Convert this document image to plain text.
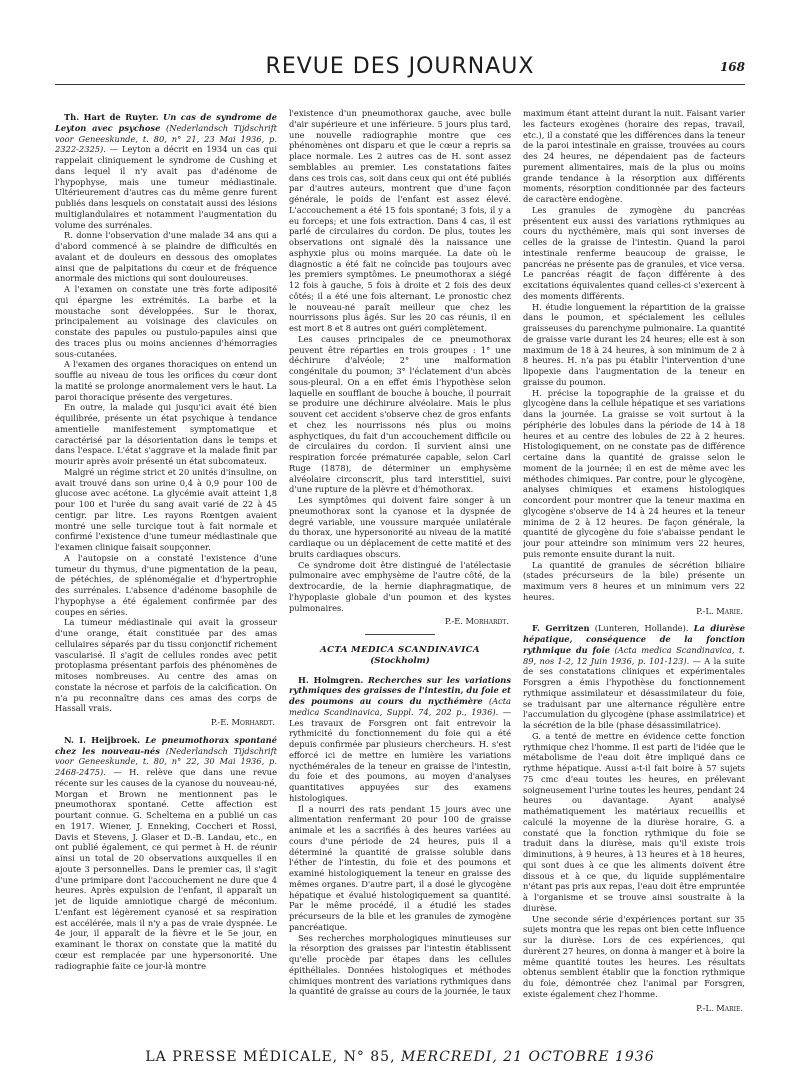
REVUE DES JOURNAUX	168

Th. Hart de Ruyter. Un cas de syndrome de Leyton avec psychose (Nederlandsch Tijdschrift voor Geneeskunde, t. 80, n° 21, 23 Mai 1936, p. 2322-2325). — Leyton a décrit en 1934 un cas qui rappelait cliniquement le syndrome de Cushing et dans lequel il n'y avait pas d'adénome de l'hypophyse, mais une tumeur médiastinale. Ultérieurement d'autres cas du même genre furent publiés dans lesquels on constatait aussi des lésions multiglandulaires et notamment l'augmentation du volume des surrénales.

R. donne l'observation d'une malade 34 ans qui a d'abord commencé à se plaindre de difficultés en avalant et de douleurs en dessous des omoplates ainsi que de palpitations du cœur et de fréquence anormale des mictions qui sont douloureuses.

A l'examen on constate une très forte adiposité qui épargne les extrémités. La barbe et la moustache sont développées. Sur le thorax, principalement au voisinage des clavicules on constate des papules ou pustulo-papules ainsi que des traces plus ou moins anciennes d'hémorragies sous-cutanées.

A l'examen des organes thoraciques on entend un souffle au niveau de tous les orifices du cœur dont la matité se prolonge anormalement vers le haut. La paroi thoracique présente des vergetures.

En outre, la malade qui jusqu'ici avait été bien équilibrée, présente un état psychique à tendance amentielle manifestement symptomatique et caractérisé par la désorientation dans le temps et dans l'espace. L'état s'aggrave et la malade finit par mourir après avoir présenté un état subcomateux.

Malgré un régime strict et 20 unités d'insuline, on avait trouvé dans son urine 0,4 à 0,9 pour 100 de glucose avec acétone. La glycémie avait atteint 1,8 pour 100 et l'urée du sang avait varié de 22 à 45 centigr. par litre. Les rayons Rœntgen avaient montré une selle turcique tout à fait normale et confirmé l'existence d'une tumeur médiastinale que l'examen clinique faisait soupçonner.

A l'autopsie on a constaté l'existence d'une tumeur du thymus, d'une pigmentation de la peau, de pétéchies, de splénomégalie et d'hypertrophie des surrénales. L'absence d'adénome basophile de l'hypophyse a été également confirmée par des coupes en séries.

La tumeur médiastinale qui avait la grosseur d'une orange, était constituée par des amas cellulaires séparés par du tissu conjonctif richement vascularisé. Il s'agit de cellules rondes avec petit protoplasma présentant parfois des phénomènes de mitoses nombreuses. Au centre des amas on constate la nécrose et parfois de la calcification. On n'a pu reconnaître dans ces amas des corps de Hassall vrais.

P.-E. Morhardt.

N. I. Heijbroek. Le pneumothorax spontané chez les nouveau-nés (Nederlandsch Tijdschrift voor Geneeskunde, t. 80, n° 22, 30 Mai 1936, p. 2468-2475). — H. relève que dans une revue récente sur les causes de la cyanose du nouveau-né, Morgan et Brown ne mentionnent pas le pneumothorax spontané. Cette affection est pourtant connue. G. Scheltema en a publié un cas en 1917. Wiener, J. Enneking, Coccheri et Rossi, Davis et Stevens, J. Glaser et D.-B. Landau, etc., en ont publié également, ce qui permet à H. de réunir ainsi un total de 20 observations auxquelles il en ajoute 3 personnelles. Dans le premier cas, il s'agit d'une primipare dont l'accouchement ne dure que 4 heures. Après expulsion de l'enfant, il apparaît un jet de liquide amniotique chargé de méconium. L'enfant est légèrement cyanosé et sa respiration est accélérée, mais il n'y a pas de vraie dyspnée. Le 4e jour, il apparaît de la fièvre et le 5e jour, en examinant le thorax on constate que la matité du cœur est remplacée par une hypersonorité. Une radiographie faite ce jour-là montre

l'existence d'un pneumothorax gauche, avec bulle d'air supérieure et une inférieure. 5 jours plus tard, une nouvelle radiographie montre que ces phénomènes ont disparu et que le cœur a repris sa place normale. Les 2 autres cas de H. sont assez semblables au premier. Les constatations faites dans ces trois cas, soit dans ceux qui ont été publiés par d'autres auteurs, montrent que d'une façon générale, le poids de l'enfant est assez élevé. L'accouchement a été 15 fois spontané; 3 fois, il y a eu forceps; et une fois extraction. Dans 4 cas, il est parlé de circulaires du cordon. De plus, toutes les observations ont signalé dès la naissance une asphyxie plus ou moins marquée. La date où le diagnostic a été fait ne coïncide pas toujours avec les premiers symptômes. Le pneumothorax a siégé 12 fois à gauche, 5 fois à droite et 2 fois des deux côtés; il a été une fois alternant. Le pronostic chez le nouveau-né paraît meilleur que chez les nourrissons plus âgés. Sur les 20 cas réunis, il en est mort 8 et 8 autres ont guéri complètement.

Les causes principales de ce pneumothorax peuvent être réparties en trois groupes : 1° une déchirure d'alvéole; 2° une malformation congénitale du poumon; 3° l'éclatement d'un abcès sous-pleural. On a en effet émis l'hypothèse selon laquelle en soufflant de bouche à bouche, il pourrait se produire une déchirure alvéolaire. Mais le plus souvent cet accident s'observe chez de gros enfants et chez les nourrissons nés plus ou moins asphyctiques, du fait d'un accouchement difficile ou de circulaires du cordon. Il survient ainsi une respiration forcée prématurée capable, selon Carl Ruge (1878), de déterminer un emphysème alvéolaire circonscrit, plus tard interstitiel, suivi d'une rupture de la plèvre et d'hémothorax.

Les symptômes qui doivent faire songer à un pneumothorax sont la cyanose et la dyspnée de degré variable, une voussure marquée unilatérale du thorax, une hypersonorité au niveau de la matité cardiaque ou un déplacement de cette matité et des bruits cardiaques obscurs.

Ce syndrome doit être distingué de l'atélectasie pulmonaire avec emphysème de l'autre côté, de la dextrocardie, de la hernie diaphragmatique, de l'hypoplasie globale d'un poumon et des kystes pulmonaires.

P.-E. Morhardt.

ACTA MEDICA SCANDINAVICA

(Stockholm)

H. Holmgren. Recherches sur les variations rythmiques des graisses de l'intestin, du foie et des poumons au cours du nycthémère (Acta medica Scandinavica, Suppl. 74, 202 p., 1936). — Les travaux de Forsgren ont fait entrevoir la rythmicité du fonctionnement du foie qui a été depuis confirmée par plusieurs chercheurs. H. s'est efforcé ici de mettre en lumière les variations nycthémérales de la teneur en graisse de l'intestin, du foie et des poumons, au moyen d'analyses quantitatives appuyées sur des examens histologiques.

Il a nourri des rats pendant 15 jours avec une alimentation renfermant 20 pour 100 de graisse animale et les a sacrifiés à des heures variées au cours d'une période de 24 heures, puis il a déterminé la quantité de graisse soluble dans l'éther de l'intestin, du foie et des poumons et examiné histologiquement la teneur en graisse des mêmes organes. D'autre part, il a dosé le glycogène hépatique et évalué histologiquement sa quantité. Par le même procédé, il a étudié les stades précurseurs de la bile et les granules de zymogène pancréatique.

Ses recherches morphologiques minutieuses sur la résorption des graisses par l'intestin établissent qu'elle procède par étapes dans les cellules épithéliales. Données histologiques et méthodes chimiques montrent des variations rythmiques dans la quantité de graisse au cours de la journée, le taux

maximum étant atteint durant la nuit. Faisant varier les facteurs exogènes (horaire des repas, travail, etc.), il a constaté que les différences dans la teneur de la paroi intestinale en graisse, trouvées au cours des 24 heures, ne dépendaient pas de facteurs purement alimentaires, mais de la plus ou moins grande tendance à la résorption aux différents moments, résorption conditionnée par des facteurs de caractère endogène.

Les granules de zymogène du pancréas présentent eux aussi des variations rythmiques au cours du nycthémère, mais qui sont inverses de celles de la graisse de l'intestin. Quand la paroi intestinale renferme beaucoup de graisse, le pancréas ne présente pas de granules, et vice versa. Le pancréas réagit de façon différente à des excitations équivalentes quand celles-ci s'exercent à des moments différents.

H. étudie longuement la répartition de la graisse dans le poumon, et spécialement les cellules graisseuses du parenchyme pulmonaire. La quantité de graisse varie durant les 24 heures; elle est à son maximum de 18 à 24 heures, à son minimum de 2 à 8 heures. H. n'a pas pu établir l'intervention d'une lipopexie dans l'augmentation de la teneur en graisse du poumon.

H. précise la topographie de la graisse et du glycogène dans la cellule hépatique et ses variations dans la journée. La graisse se voit surtout à la périphérie des lobules dans la période de 14 à 18 heures et au centre des lobules de 22 à 2 heures. Histologiquement, on ne constate pas de différence certaine dans la quantité de graisse selon le moment de la journée; il en est de même avec les méthodes chimiques. Par contre, pour le glycogène, analyses chimiques et examens histologiques concordent pour montrer que la teneur maxima en glycogène s'observe de 14 à 24 heures et la teneur minima de 2 à 12 heures. De façon générale, la quantité de glycogène du foie s'abaisse pendant le jour pour atteindre son minimum vers 22 heures, puis remonte ensuite durant la nuit.

La quantité de granules de sécrétion biliaire (stades précurseurs de la bile) présente un maximum vers 8 heures et un minimum vers 22 heures.

P.-L. Marie.

F. Gerritzen (Lunteren, Hollande). La diurèse hépatique, conséquence de la fonction rythmique du foie (Acta medica Scandinavica, t. 89, nos 1-2, 12 Juin 1936, p. 101-123). — A la suite de ses constatations cliniques et expérimentales Forsgren a émis l'hypothèse du fonctionnement rythmique assimilateur et désassimilateur du foie, se traduisant par une alternance régulière entre l'accumulation du glycogène (phase assimilatrice) et la sécrétion de la bile (phase désassimilatrice).

G. a tenté de mettre en évidence cette fonction rythmique chez l'homme. Il est parti de l'idée que le métabolisme de l'eau doit être impliqué dans ce rythme hépatique. Aussi a-t-il fait boire à 57 sujets 75 cmc d'eau toutes les heures, en prélevant soigneusement l'urine toutes les heures, pendant 24 heures ou davantage. Ayant analysé mathématiquement les matériaux recueillis et calculé la moyenne de la diurèse horaire, G. a constaté que la fonction rythmique du foie se traduit dans la diurèse, mais qu'il existe trois diminutions, à 9 heures, à 13 heures et à 18 heures, qui sont dues à ce que les aliments doivent être dissous et à ce que, du liquide supplémentaire n'étant pas pris aux repas, l'eau doit être empruntée à l'organisme et se trouve ainsi soustraite à la diurèse.

Une seconde série d'expériences portant sur 35 sujets montra que les repas ont bien cette influence sur la diurèse. Lors de ces expériences, qui durèrent 27 heures, on donna à manger et à boire la même quantité toutes les heures. Les résultats obtenus semblent établir que la fonction rythmique du foie, démontrée chez l'animal par Forsgren, existe également chez l'homme.

P.-L. Marie.

LA PRESSE MÉDICALE, N° 85, MERCREDI, 21 OCTOBRE 1936
